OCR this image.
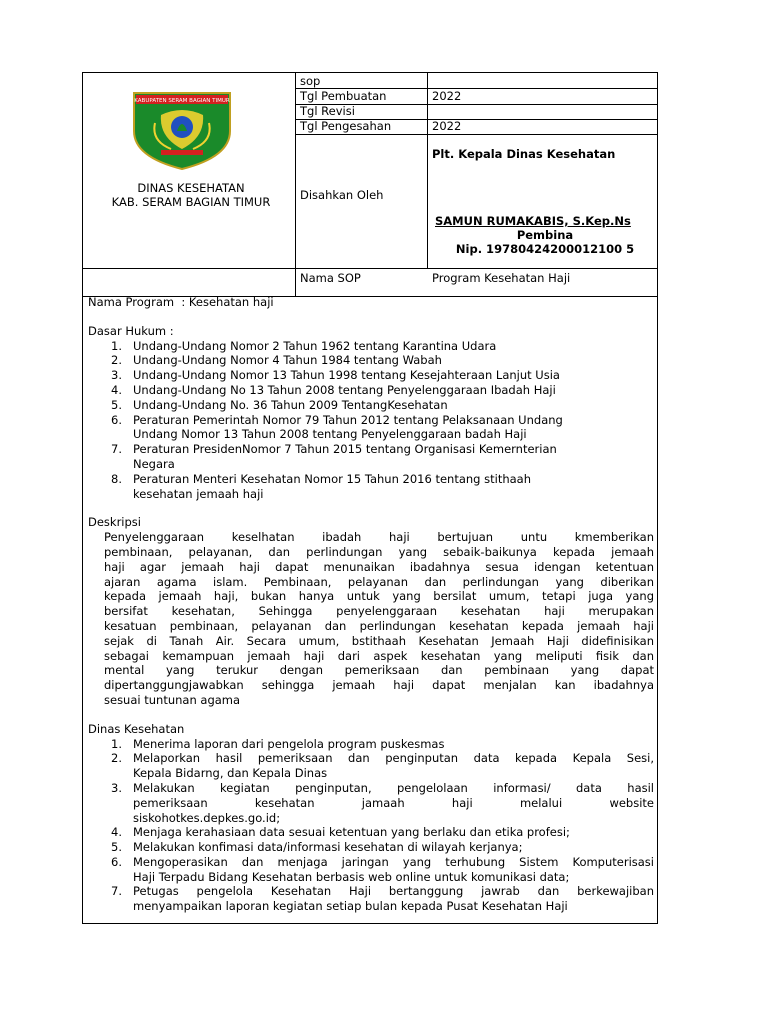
KABUPATEN SERAM BAGIAN TIMUR
DINAS KESEHATAN
KAB. SERAM BAGIAN TIMUR
sop
Tgl Pembuatan	2022
Tgl Revisi
Tgl Pengesahan	2022
Disahkan Oleh
Plt. Kepala Dinas Kesehatan
SAMUN RUMAKABIS, S.Kep.Ns
Pembina
Nip. 19780424200012100 5
Nama SOP	Program Kesehatan Haji
Nama Program : Kesehatan haji
Dasar Hukum :
1. Undang-Undang Nomor 2 Tahun 1962 tentang Karantina Udara
2. Undang-Undang Nomor 4 Tahun 1984 tentang Wabah
3. Undang-Undang Nomor 13 Tahun 1998 tentang Kesejahteraan Lanjut Usia
4. Undang-Undang No 13 Tahun 2008 tentang Penyelenggaraan Ibadah Haji
5. Undang-Undang No. 36 Tahun 2009 TentangKesehatan
6. Peraturan Pemerintah Nomor 79 Tahun 2012 tentang Pelaksanaan Undang
Undang Nomor 13 Tahun 2008 tentang Penyelenggaraan badah Haji
7. Peraturan PresidenNomor 7 Tahun 2015 tentang Organisasi Kemernterian
Negara
8. Peraturan Menteri Kesehatan Nomor 15 Tahun 2016 tentang stithaah
kesehatan jemaah haji
Deskripsi
Penyelenggaraan keselhatan ibadah haji bertujuan untu kmemberikan
pembinaan, pelayanan, dan perlindungan yang sebaik-baikunya kepada jemaah
haji agar jemaah haji dapat menunaikan ibadahnya sesua idengan ketentuan
ajaran agama islam. Pembinaan, pelayanan dan perlindungan yang diberikan
kepada jemaah haji, bukan hanya untuk yang bersilat umum, tetapi juga yang
bersifat kesehatan, Sehingga penyelenggaraan kesehatan haji merupakan
kesatuan pembinaan, pelayanan dan perlindungan kesehatan kepada jemaah haji
sejak di Tanah Air. Secara umum, bstithaah Kesehatan Jemaah Haji didefinisikan
sebagai kemampuan jemaah haji dari aspek kesehatan yang meliputi fisik dan
mental yang terukur dengan pemeriksaan dan pembinaan yang dapat
dipertanggungjawabkan sehingga jemaah haji dapat menjalan kan ibadahnya
sesuai tuntunan agama
Dinas Kesehatan
1. Menerima laporan dari pengelola program puskesmas
2. Melaporkan hasil pemeriksaan dan penginputan data kepada Kepala Sesi,
Kepala Bidarng, dan Kepala Dinas
3. Melakukan kegiatan penginputan, pengelolaan informasi/ data hasil
pemeriksaan kesehatan jamaah haji melalui website
siskohotkes.depkes.go.id;
4. Menjaga kerahasiaan data sesuai ketentuan yang berlaku dan etika profesi;
5. Melakukan konfimasi data/informasi kesehatan di wilayah kerjanya;
6. Mengoperasikan dan menjaga jaringan yang terhubung Sistem Komputerisasi
Haji Terpadu Bidang Kesehatan berbasis web online untuk komunikasi data;
7. Petugas pengelola Kesehatan Haji bertanggung jawrab dan berkewajiban
menyampaikan laporan kegiatan setiap bulan kepada Pusat Kesehatan Haji
